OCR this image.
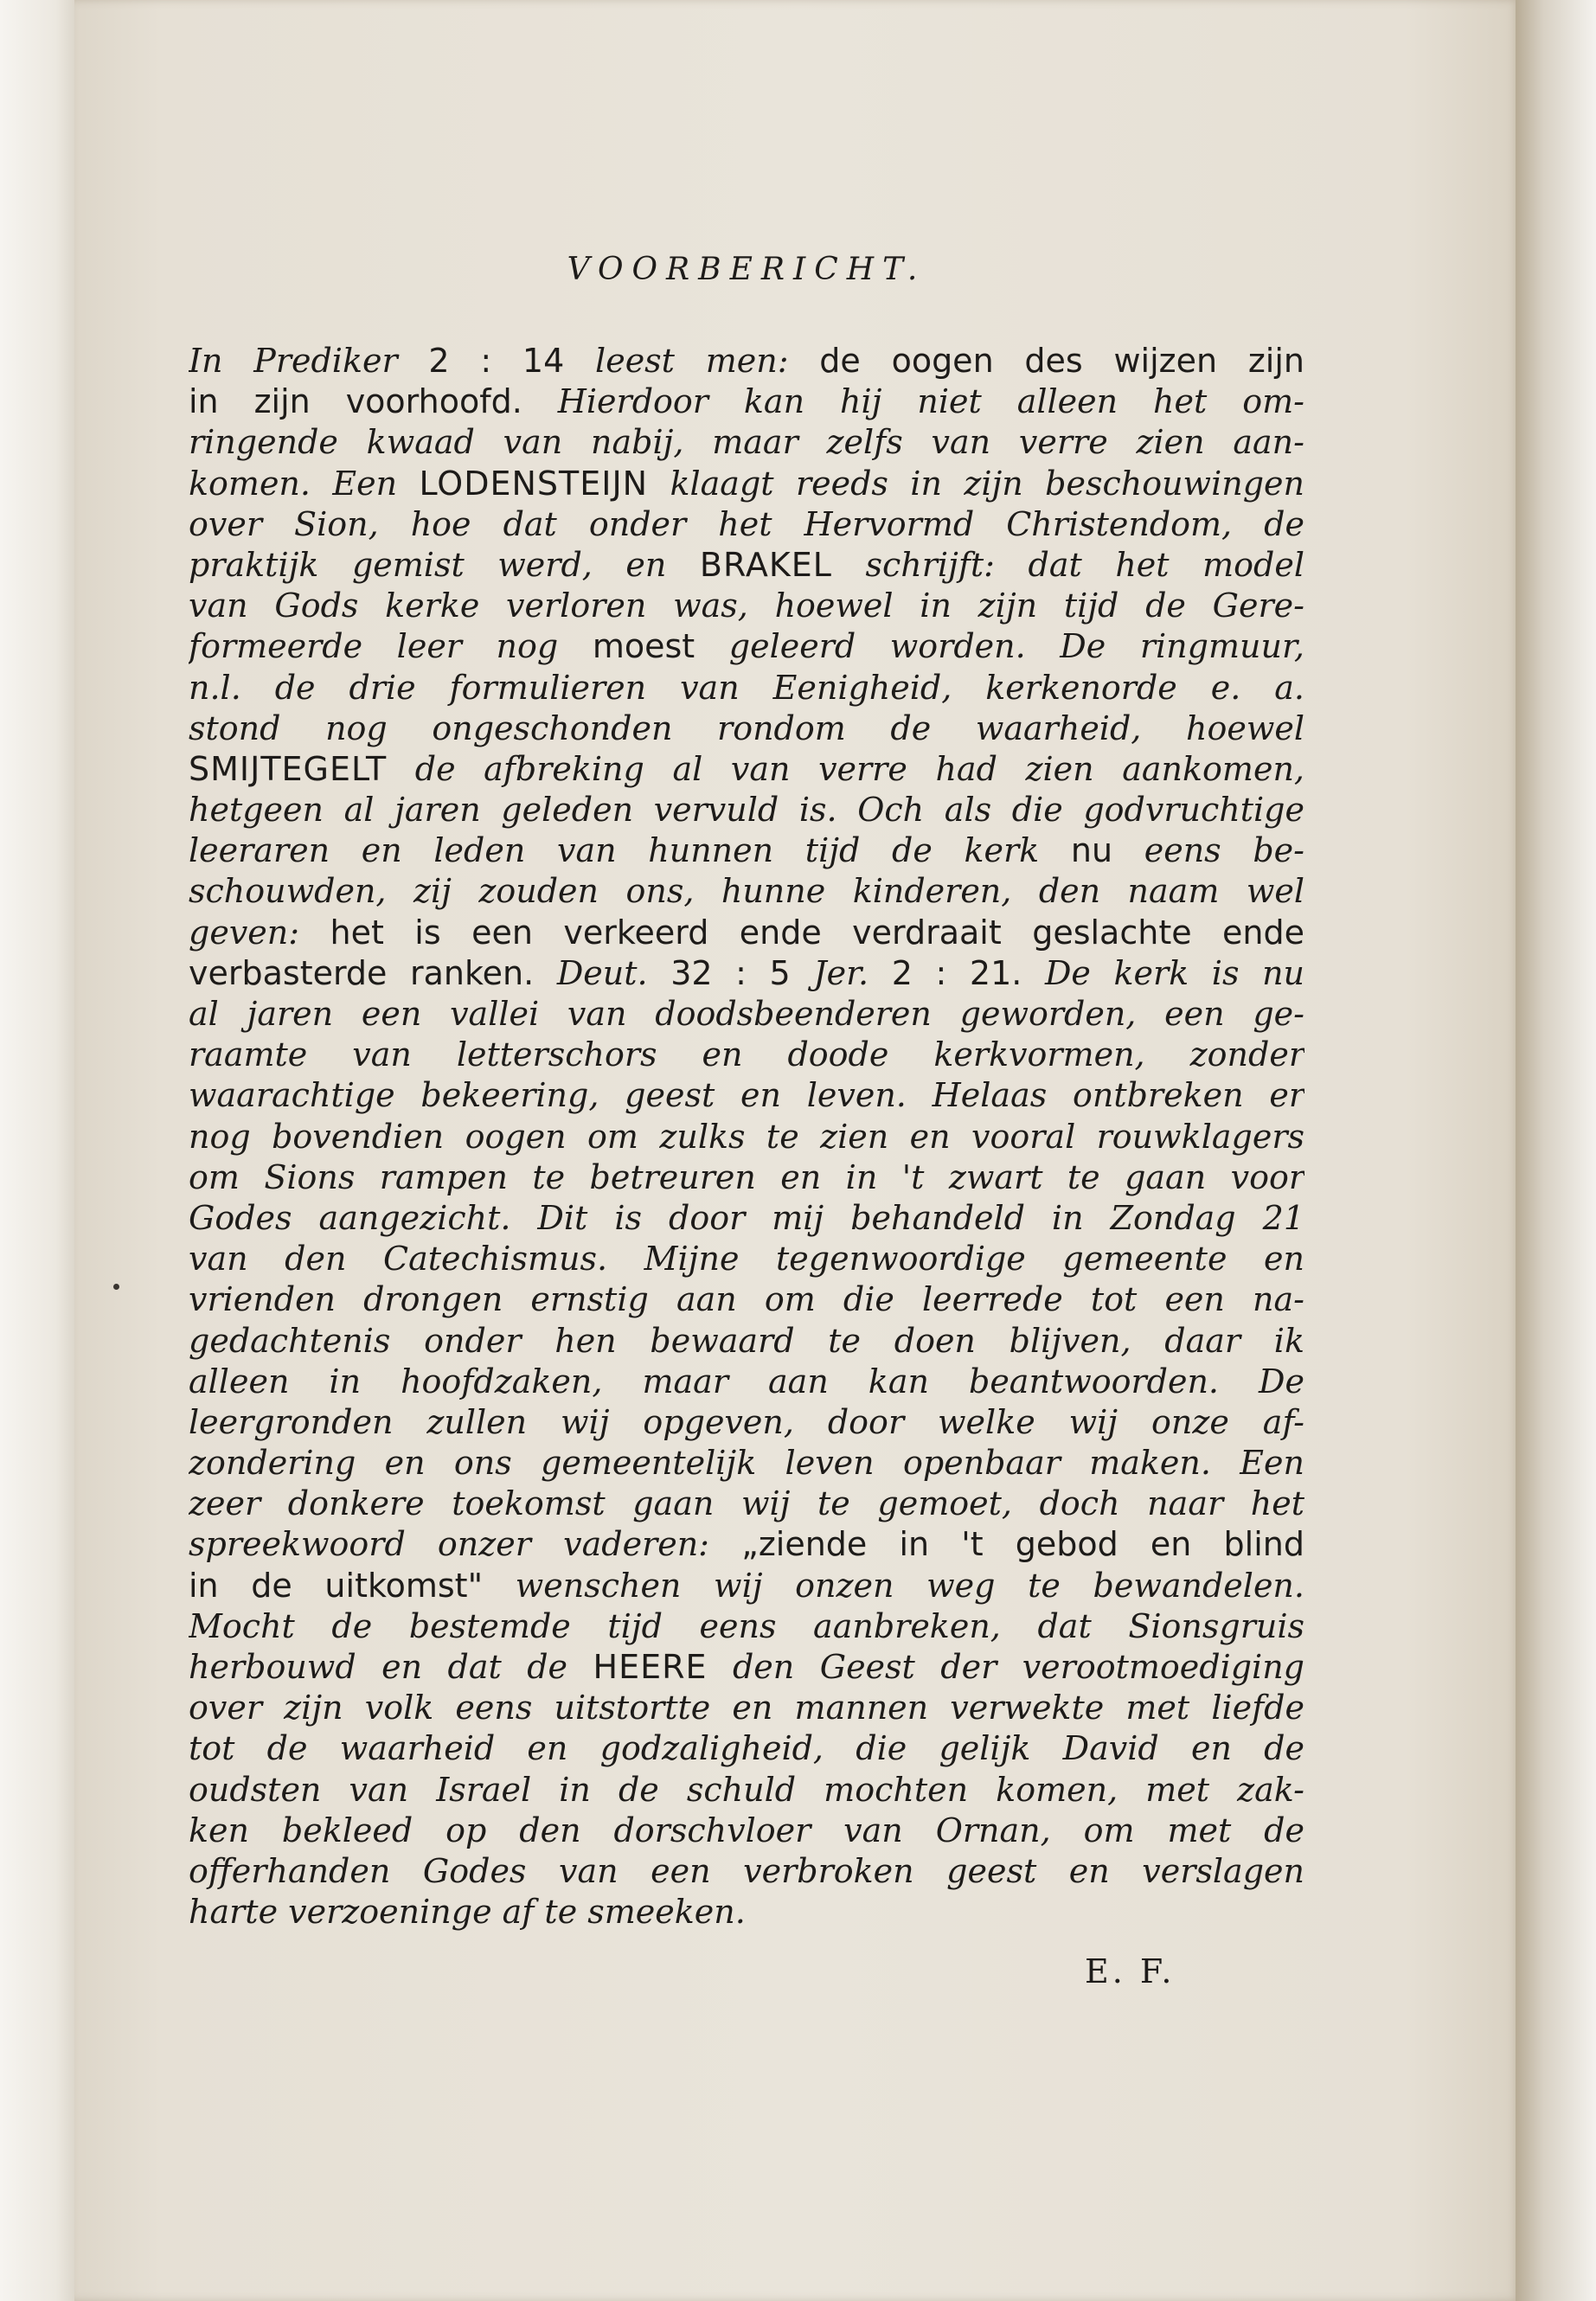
VOORBERICHT.
In Prediker 2 : 14 leest men: de oogen des wijzen zijn
in zijn voorhoofd. Hierdoor kan hij niet alleen het om-
ringende kwaad van nabij, maar zelfs van verre zien aan-
komen. Een LODENSTEIJN klaagt reeds in zijn beschouwingen
over Sion, hoe dat onder het Hervormd Christendom, de
praktijk gemist werd, en BRAKEL schrijft: dat het model
van Gods kerke verloren was, hoewel in zijn tijd de Gere-
formeerde leer nog moest geleerd worden. De ringmuur,
n.l. de drie formulieren van Eenigheid, kerkenorde e. a.
stond nog ongeschonden rondom de waarheid, hoewel
SMIJTEGELT de afbreking al van verre had zien aankomen,
hetgeen al jaren geleden vervuld is. Och als die godvruchtige
leeraren en leden van hunnen tijd de kerk nu eens be-
schouwden, zij zouden ons, hunne kinderen, den naam wel
geven: het is een verkeerd ende verdraait geslachte ende
verbasterde ranken. Deut. 32 : 5 Jer. 2 : 21. De kerk is nu
al jaren een vallei van doodsbeenderen geworden, een ge-
raamte van letterschors en doode kerkvormen, zonder
waarachtige bekeering, geest en leven. Helaas ontbreken er
nog bovendien oogen om zulks te zien en vooral rouwklagers
om Sions rampen te betreuren en in 't zwart te gaan voor
Godes aangezicht. Dit is door mij behandeld in Zondag 21
van den Catechismus. Mijne tegenwoordige gemeente en
vrienden drongen ernstig aan om die leerrede tot een na-
gedachtenis onder hen bewaard te doen blijven, daar ik
alleen in hoofdzaken, maar aan kan beantwoorden. De
leergronden zullen wij opgeven, door welke wij onze af-
zondering en ons gemeentelijk leven openbaar maken. Een
zeer donkere toekomst gaan wij te gemoet, doch naar het
spreekwoord onzer vaderen: „ziende in 't gebod en blind
in de uitkomst" wenschen wij onzen weg te bewandelen.
Mocht de bestemde tijd eens aanbreken, dat Sionsgruis
herbouwd en dat de HEERE den Geest der verootmoediging
over zijn volk eens uitstortte en mannen verwekte met liefde
tot de waarheid en godzaligheid, die gelijk David en de
oudsten van Israel in de schuld mochten komen, met zak-
ken bekleed op den dorschvloer van Ornan, om met de
offerhanden Godes van een verbroken geest en verslagen
harte verzoeninge af te smeeken.
E. F.
